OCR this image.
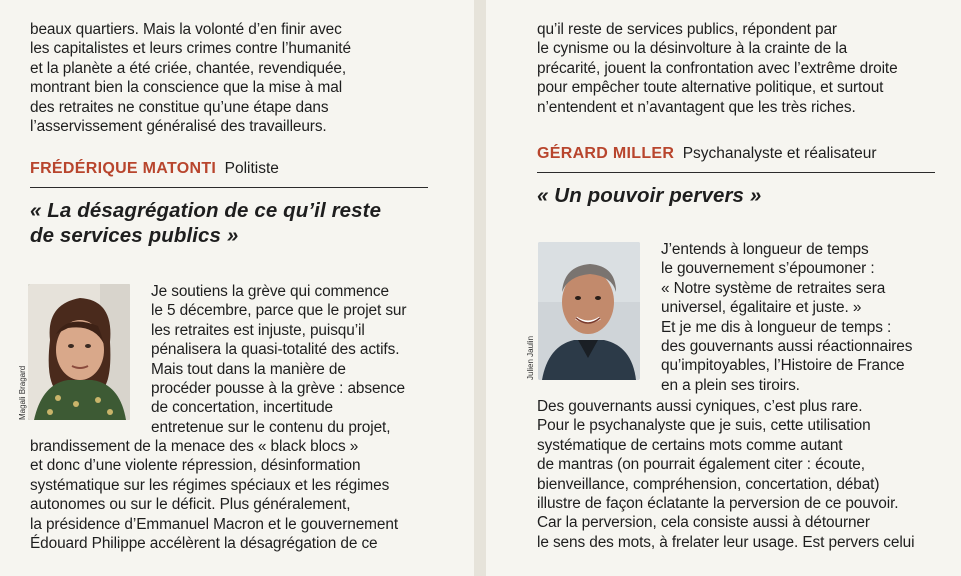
beaux quartiers. Mais la volonté d’en finir avec
les capitalistes et leurs crimes contre l’humanité
et la planète a été criée, chantée, revendiquée,
montrant bien la conscience que la mise à mal
des retraites ne constitue qu’une étape dans
l’asservissement généralisé des travailleurs.
FRÉDÉRIQUE MATONTI Politiste
« La désagrégation de ce qu’il reste
de services publics »
Magali Bragard
Je soutiens la grève qui commence
le 5 décembre, parce que le projet sur
les retraites est injuste, puisqu’il
pénalisera la quasi-totalité des actifs.
Mais tout dans la manière de
procéder pousse à la grève : absence
de concertation, incertitude
entretenue sur le contenu du projet,
brandissement de la menace des « black blocs »
et donc d’une violente répression, désinformation
systématique sur les régimes spéciaux et les régimes
autonomes ou sur le déficit. Plus généralement,
la présidence d’Emmanuel Macron et le gouvernement
Édouard Philippe accélèrent la désagrégation de ce
qu’il reste de services publics, répondent par
le cynisme ou la désinvolture à la crainte de la
précarité, jouent la confrontation avec l’extrême droite
pour empêcher toute alternative politique, et surtout
n’entendent et n’avantagent que les très riches.
GÉRARD MILLER Psychanalyste et réalisateur
« Un pouvoir pervers »
Julien Jaulin
J’entends à longueur de temps
le gouvernement s’époumoner :
« Notre système de retraites sera
universel, égalitaire et juste. »
Et je me dis à longueur de temps :
des gouvernants aussi réactionnaires
qu’impitoyables, l’Histoire de France
en a plein ses tiroirs.
Des gouvernants aussi cyniques, c’est plus rare.
Pour le psychanalyste que je suis, cette utilisation
systématique de certains mots comme autant
de mantras (on pourrait également citer : écoute,
bienveillance, compréhension, concertation, débat)
illustre de façon éclatante la perversion de ce pouvoir.
Car la perversion, cela consiste aussi à détourner
le sens des mots, à frelater leur usage. Est pervers celui
